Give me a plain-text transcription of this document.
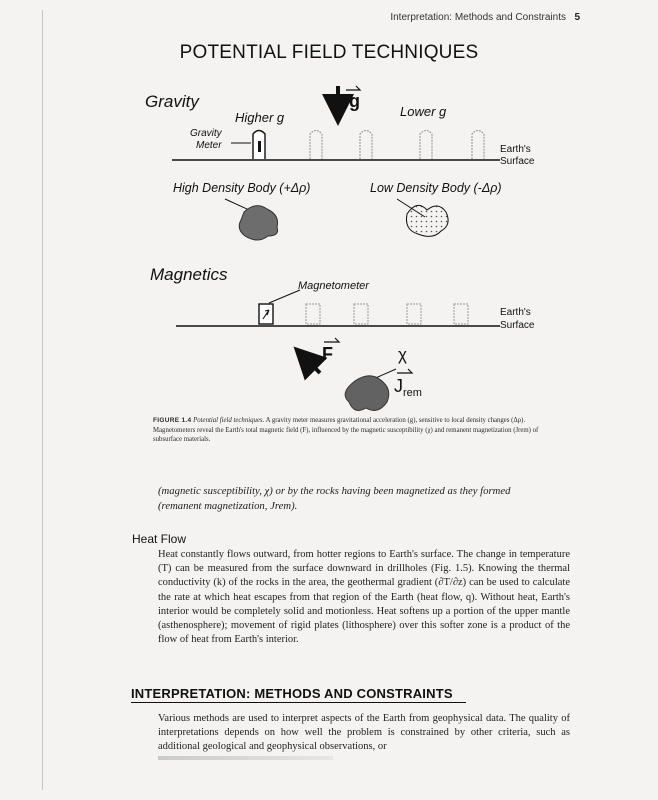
Interpretation: Methods and Constraints 5
POTENTIAL FIELD TECHNIQUES
Gravity
Higher g	Lower g
g
Gravity
Meter	Earth's
Surface
High Density Body (+Δρ)	Low Density Body (-Δρ)
Magnetics
Magnetometer
Earth's
Surface
F	χ
$J_{rem}$
FIGURE 1.4 Potential field techniques. A gravity meter measures gravitational acceleration (g), sensitive to local density changes (Δρ). Magnetometers reveal the Earth's total magnetic field (F), influenced by the magnetic susceptibility (χ) and remanent magnetization (Jrem) of subsurface materials.
(magnetic susceptibility, χ) or by the rocks having been magnetized as they formed
(remanent magnetization, Jrem).
Heat Flow
Heat constantly flows outward, from hotter regions to Earth's surface. The change in temperature (T) can be measured from the surface downward in drillholes (Fig. 1.5). Knowing the thermal conductivity (k) of the rocks in the area, the geothermal gradient (∂T/∂z) can be used to calculate the rate at which heat escapes from that region of the Earth (heat flow, q). Without heat, Earth's interior would be completely solid and motionless. Heat softens up a portion of the upper mantle (asthenosphere); movement of rigid plates (lithosphere) over this softer zone is a product of the flow of heat from Earth's interior.
INTERPRETATION: METHODS AND CONSTRAINTS
Various methods are used to interpret aspects of the Earth from geophysical data. The quality of interpretations depends on how well the problem is constrained by other criteria, such as additional geological and geophysical observations, or
